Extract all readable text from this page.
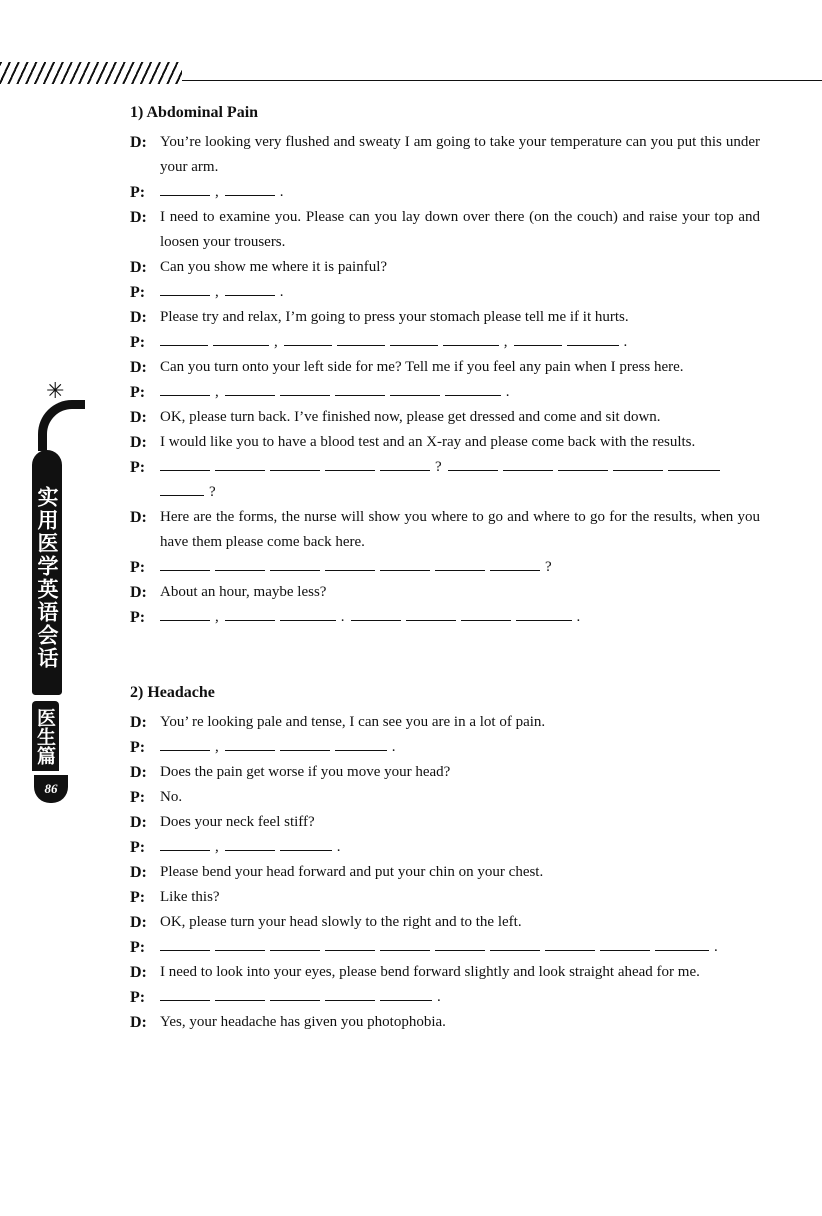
✳
实用医学英语会话
医生篇
86
1) Abdominal Pain
D: You’re looking very flushed and sweaty I am going to take your temperature can you put this under your arm.
P:	,	.
D: I need to examine you. Please can you lay down over there (on the couch) and raise your top and loosen your trousers.
D: Can you show me where it is painful?
P:	,	.
D: Please try and relax, I’m going to press your stomach please tell me if it hurts.
P:	,	,	.
D: Can you turn onto your left side for me? Tell me if you feel any pain when I press here.
P:	,	.
D: OK, please turn back. I’ve finished now, please get dressed and come and sit down.
D: I would like you to have a blood test and an X-ray and please come back with the results.
P:	??
D: Here are the forms, the nurse will show you where to go and where to go for the results, when you have them please come back here.
P:	?
D: About an hour, maybe less?
P:	,	.	.
2) Headache
D: You’ re looking pale and tense, I can see you are in a lot of pain.
P:	,	.
D: Does the pain get worse if you move your head?
P: No.
D: Does your neck feel stiff?
P:	,	.
D: Please bend your head forward and put your chin on your chest.
P: Like this?
D: OK, please turn your head slowly to the right and to the left.
P:	.
D: I need to look into your eyes, please bend forward slightly and look straight ahead for me.
P:	.
D: Yes, your headache has given you photophobia.
